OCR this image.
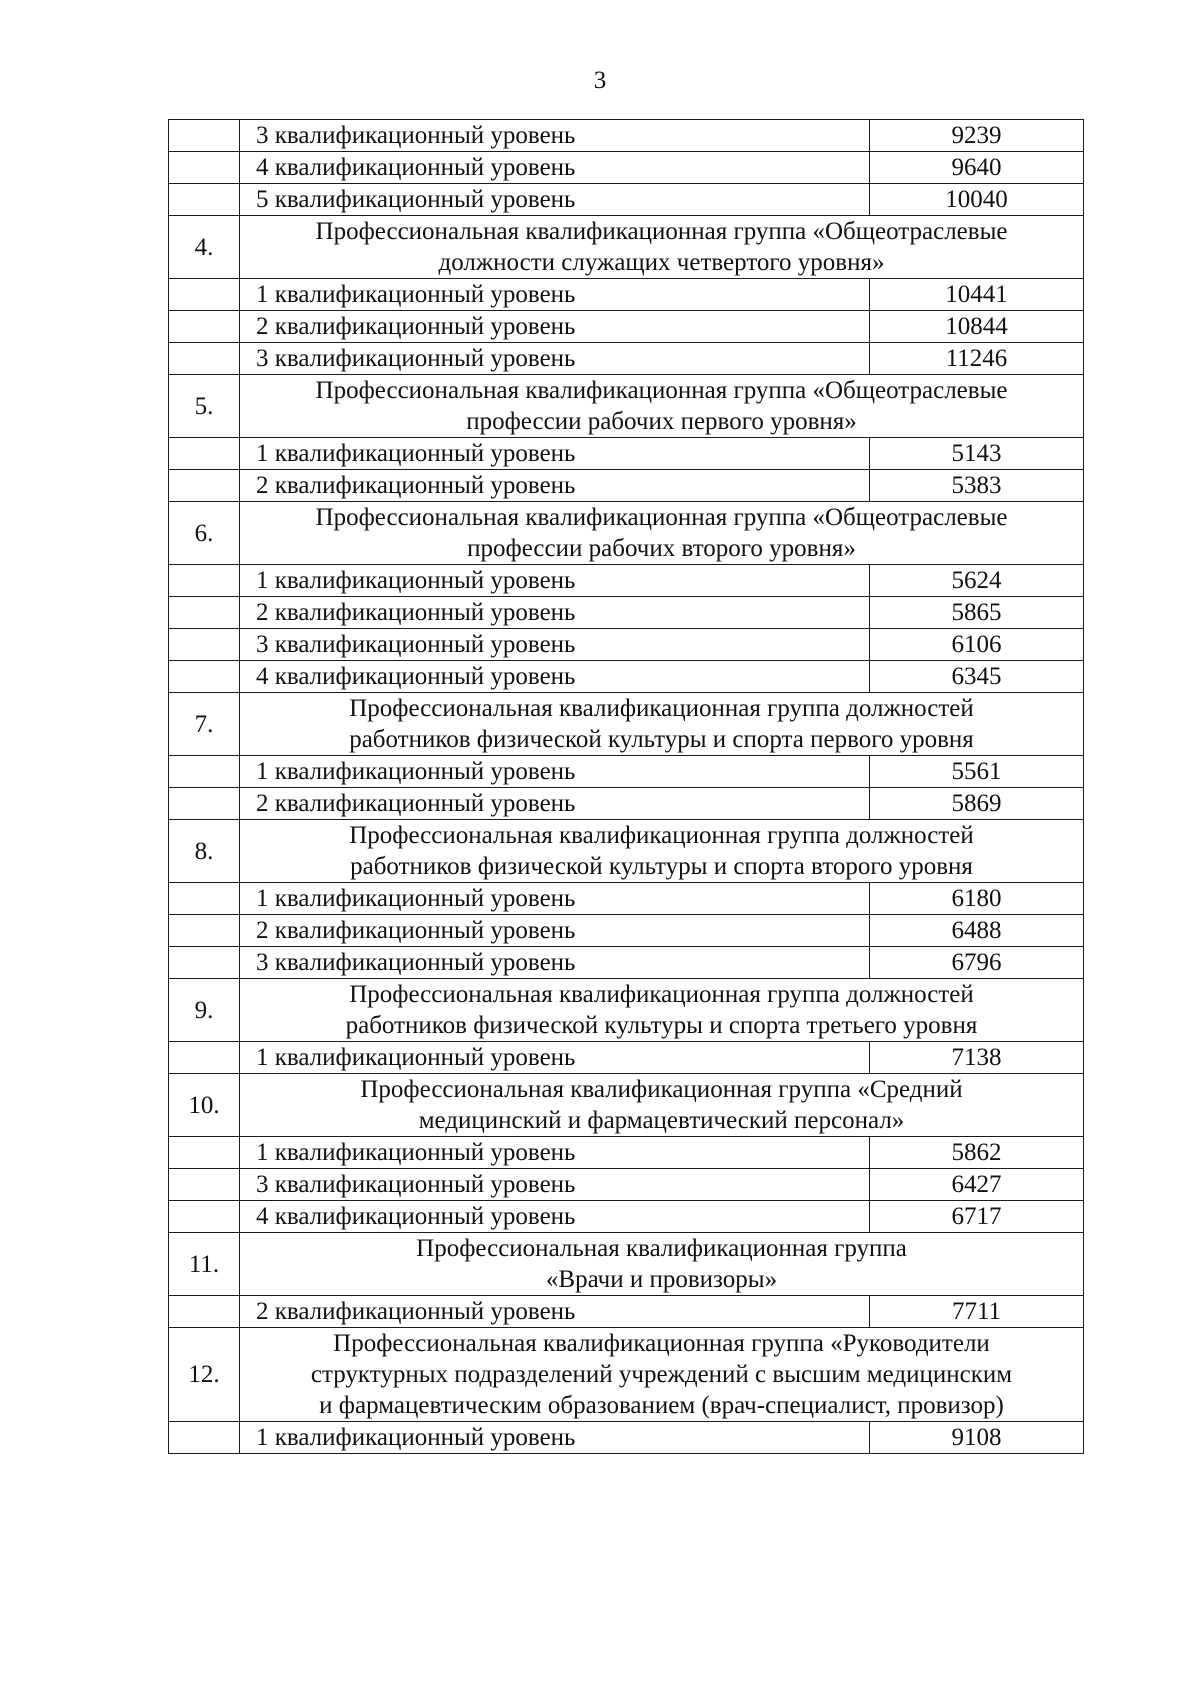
3
	3 квалификационный уровень	9239
	4 квалификационный уровень	9640
	5 квалификационный уровень	10040
4.	Профессиональная квалификационная группа «Общеотраслевые
должности служащих четвертого уровня»	

	1 квалификационный уровень	10441
	2 квалификационный уровень	10844
	3 квалификационный уровень	11246
5.	Профессиональная квалификационная группа «Общеотраслевые
профессии рабочих первого уровня»	

	1 квалификационный уровень	5143
	2 квалификационный уровень	5383
6.	Профессиональная квалификационная группа «Общеотраслевые
профессии рабочих второго уровня»	

	1 квалификационный уровень	5624
	2 квалификационный уровень	5865
	3 квалификационный уровень	6106
	4 квалификационный уровень	6345
7.	Профессиональная квалификационная группа должностей
работников физической культуры и спорта первого уровня	

	1 квалификационный уровень	5561
	2 квалификационный уровень	5869
8.	Профессиональная квалификационная группа должностей
работников физической культуры и спорта второго уровня	

	1 квалификационный уровень	6180
	2 квалификационный уровень	6488
	3 квалификационный уровень	6796
9.	Профессиональная квалификационная группа должностей
работников физической культуры и спорта третьего уровня	

	1 квалификационный уровень	7138
10.	Профессиональная квалификационная группа «Средний
медицинский и фармацевтический персонал»	

	1 квалификационный уровень	5862
	3 квалификационный уровень	6427
	4 квалификационный уровень	6717
11.	Профессиональная квалификационная группа
«Врачи и провизоры»	

	2 квалификационный уровень	7711
12.	Профессиональная квалификационная группа «Руководители
структурных подразделений учреждений с высшим медицинским
и фармацевтическим образованием (врач-специалист, провизор)	

	1 квалификационный уровень	9108
